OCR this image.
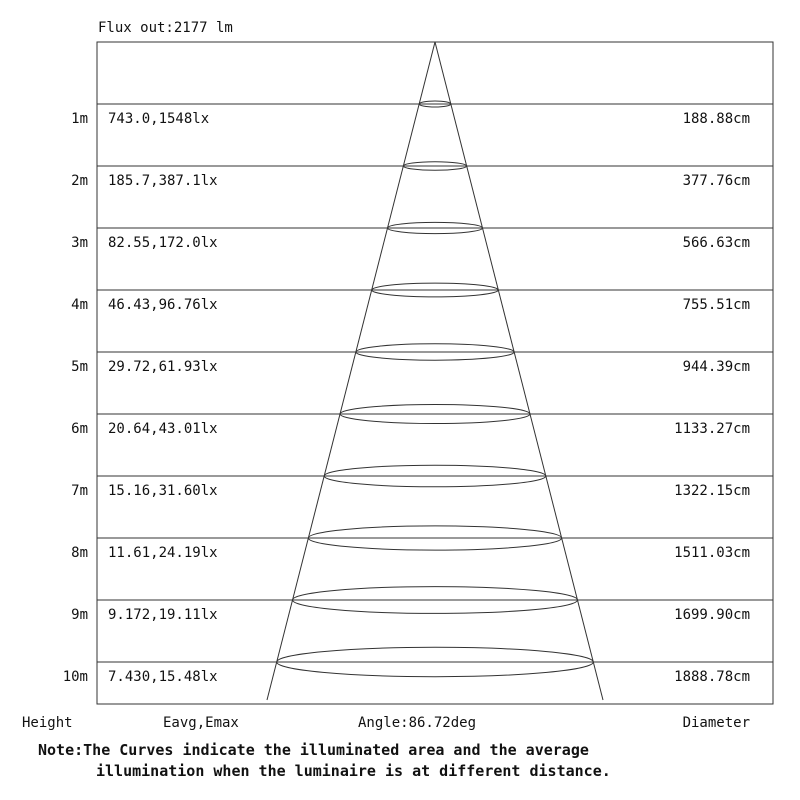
Flux out:2177 lm
1m 743.0,1548lx	188.88cm
2m 185.7,387.1lx	377.76cm
3m 82.55,172.0lx	566.63cm
4m 46.43,96.76lx	755.51cm
5m 29.72,61.93lx	944.39cm
6m 20.64,43.01lx	1133.27cm
7m 15.16,31.60lx	1322.15cm
8m 11.61,24.19lx	1511.03cm
9m 9.172,19.11lx	1699.90cm
10m 7.430,15.48lx	1888.78cm
Height	Eavg,Emax	Angle:86.72deg	Diameter
Note:The Curves indicate the illuminated area and the average
illumination when the luminaire is at different distance.
